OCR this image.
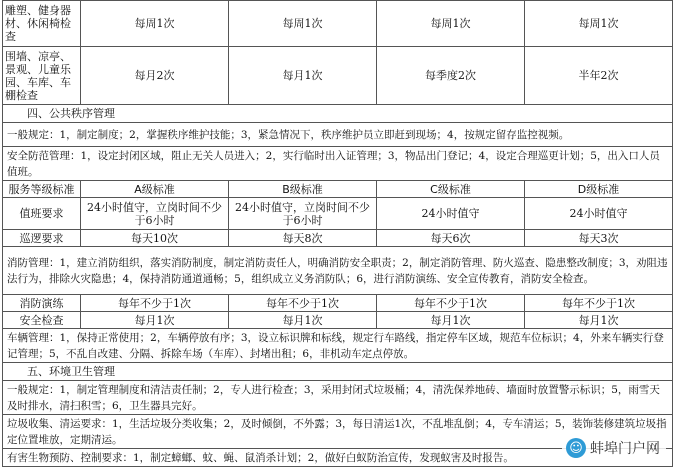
雕塑、健身器材、休闲椅检查	每周1次	每周1次	每周1次	每周1次
围墙、凉亭、景观、儿童乐园、车库、车棚检查	每月2次	每月1次	每季度2次	半年2次
四、公共秩序管理				
一般规定：1，制定制度；2，掌握秩序维护技能；3，紧急情况下，秩序维护员立即赶到现场；4，按规定留存监控视频。				
安全防范管理：1，设定封闭区域，阻止无关人员进入；2，实行临时出入证管理；3，物品出门登记；4，设定合理巡更计划；5，出入口人员值班。				
服务等级标准	A级标准	B级标准	C级标准	D级标准
值班要求	24小时值守，立岗时间不少于6小时	24小时值守，立岗时间不少于6小时	24小时值守	24小时值守
巡逻要求	每天10次	每天8次	每天6次	每天3次
消防管理：1，建立消防组织，落实消防制度，制定消防责任人，明确消防安全职责；2，制定消防管理、防火巡查、隐患整改制度；3，劝阻违法行为，排除火灾隐患；4，保持消防通道通畅；5，组织成立义务消防队；6，进行消防演练、安全宣传教育，消防安全检查。				
消防演练	每年不少于1次	每年不少于1次	每年不少于1次	每年不少于1次
安全检查	每月1次	每月1次	每月1次	每月1次
车辆管理：1，保持正常使用；2，车辆停放有序；3，设立标识牌和标线，规定行车路线，指定停车区域，规范车位标识；4，外来车辆实行登记管理；5，不乱自改建、分隔、拆除车场（车库）、封堵出租；6，非机动车定点停放。				
五、环境卫生管理				
一般规定：1，制定管理制度和清洁责任制；2，专人进行检查；3，采用封闭式垃圾桶；4，清洗保养地砖、墙面时放置警示标识；5，雨雪天及时排水，清扫积雪；6，卫生器具完好。				
垃圾收集、清运要求：1，生活垃圾分类收集；2，及时倾倒，不外露；3，每日清运1次，不乱堆乱倒；4，专车清运；5，装饰装修建筑垃圾指定位置堆放，定期清运。				
有害生物预防、控制要求：1，制定蟑螂、蚊、蝇、鼠消杀计划；2，做好白蚁防治宣传，发现蚁害及时报告。				
☺ 蚌埠门户网
